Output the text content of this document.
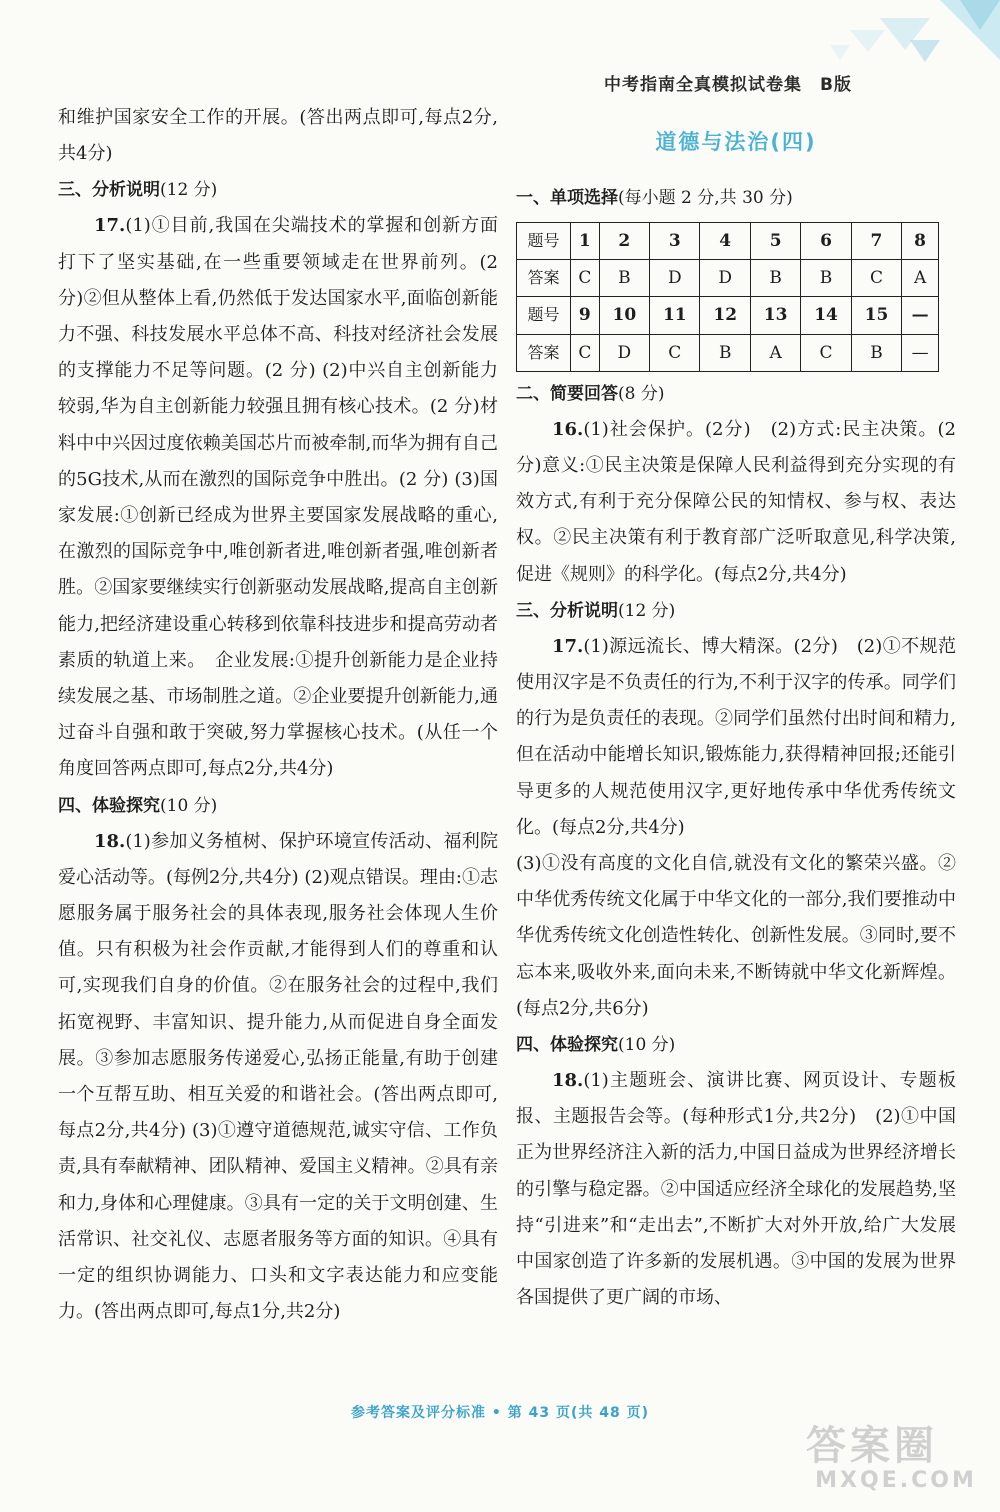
中考指南全真模拟试卷集　B版

和维护国家安全工作的开展。(答出两点即可,每点2分,共4分)

三、分析说明(12 分)

17.(1)①目前,我国在尖端技术的掌握和创新方面打下了坚实基础,在一些重要领域走在世界前列。(2分)②但从整体上看,仍然低于发达国家水平,面临创新能力不强、科技发展水平总体不高、科技对经济社会发展的支撑能力不足等问题。(2 分) (2)中兴自主创新能力较弱,华为自主创新能力较强且拥有核心技术。(2 分)材料中中兴因过度依赖美国芯片而被牵制,而华为拥有自己的5G技术,从而在激烈的国际竞争中胜出。(2 分) (3)国家发展:①创新已经成为世界主要国家发展战略的重心,在激烈的国际竞争中,唯创新者进,唯创新者强,唯创新者胜。②国家要继续实行创新驱动发展战略,提高自主创新能力,把经济建设重心转移到依靠科技进步和提高劳动者素质的轨道上来。　企业发展:①提升创新能力是企业持续发展之基、市场制胜之道。②企业要提升创新能力,通过奋斗自强和敢于突破,努力掌握核心技术。(从任一个角度回答两点即可,每点2分,共4分)

四、体验探究(10 分)

18.(1)参加义务植树、保护环境宣传活动、福利院爱心活动等。(每例2分,共4分) (2)观点错误。理由:①志愿服务属于服务社会的具体表现,服务社会体现人生价值。只有积极为社会作贡献,才能得到人们的尊重和认可,实现我们自身的价值。②在服务社会的过程中,我们拓宽视野、丰富知识、提升能力,从而促进自身全面发展。③参加志愿服务传递爱心,弘扬正能量,有助于创建一个互帮互助、相互关爱的和谐社会。(答出两点即可,每点2分,共4分) (3)①遵守道德规范,诚实守信、工作负责,具有奉献精神、团队精神、爱国主义精神。②具有亲和力,身体和心理健康。③具有一定的关于文明创建、生活常识、社交礼仪、志愿者服务等方面的知识。④具有一定的组织协调能力、口头和文字表达能力和应变能力。(答出两点即可,每点1分,共2分)

道德与法治(四)
一、单项选择(每小题 2 分,共 30 分)
题号	1	2	3	4	5	6	7	8
答案	C	B	D	D	B	B	C	A
题号	9	10	11	12	13	14	15	—
答案	C	D	C	B	A	C	B	—
二、简要回答(8 分)

16.(1)社会保护。(2分)　(2)方式:民主决策。(2分)意义:①民主决策是保障人民利益得到充分实现的有效方式,有利于充分保障公民的知情权、参与权、表达权。②民主决策有利于教育部广泛听取意见,科学决策,促进《规则》的科学化。(每点2分,共4分)

三、分析说明(12 分)

17.(1)源远流长、博大精深。(2分)　(2)①不规范使用汉字是不负责任的行为,不利于汉字的传承。同学们的行为是负责任的表现。②同学们虽然付出时间和精力,但在活动中能增长知识,锻炼能力,获得精神回报;还能引导更多的人规范使用汉字,更好地传承中华优秀传统文化。(每点2分,共4分)

(3)①没有高度的文化自信,就没有文化的繁荣兴盛。②中华优秀传统文化属于中华文化的一部分,我们要推动中华优秀传统文化创造性转化、创新性发展。③同时,要不忘本来,吸收外来,面向未来,不断铸就中华文化新辉煌。(每点2分,共6分)

四、体验探究(10 分)

18.(1)主题班会、演讲比赛、网页设计、专题板报、主题报告会等。(每种形式1分,共2分)　(2)①中国正为世界经济注入新的活力,中国日益成为世界经济增长的引擎与稳定器。②中国适应经济全球化的发展趋势,坚持“引进来”和“走出去”,不断扩大对外开放,给广大发展中国家创造了许多新的发展机遇。③中国的发展为世界各国提供了更广阔的市场、

参考答案及评分标准 • 第 43 页(共 48 页)
答案圈
MXQE.COM
